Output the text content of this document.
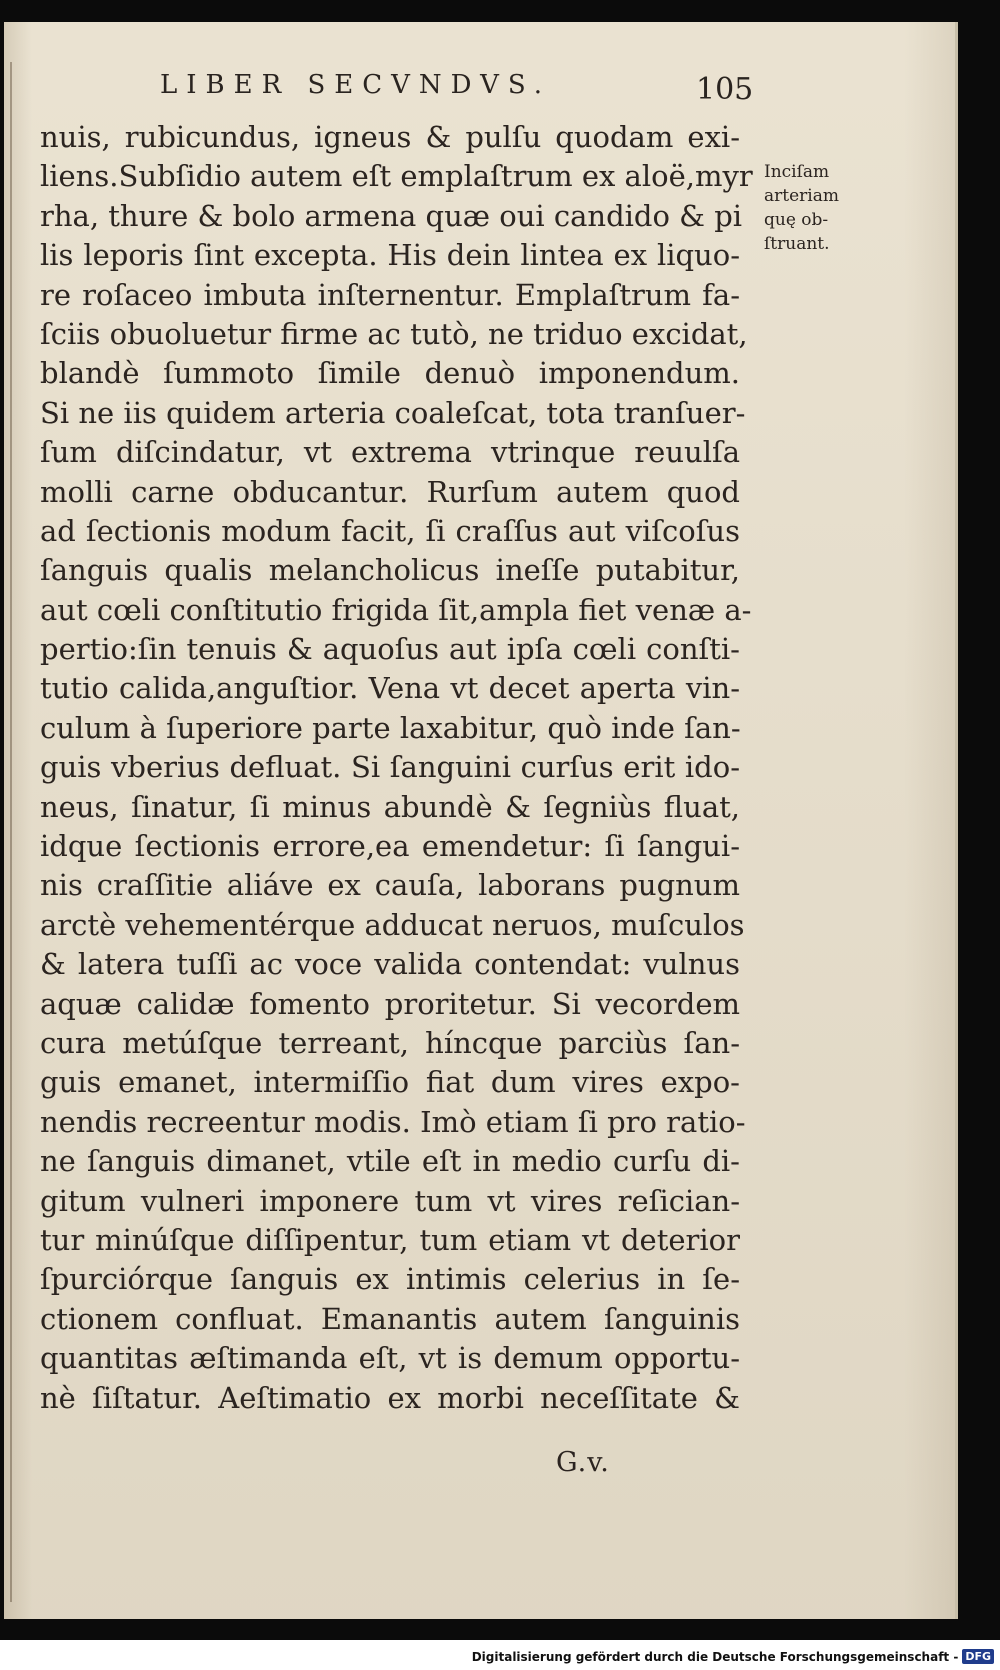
LIBER SECVNDVS.	105
nuis, rubicundus, igneus & pulſu quodam exi-
liens.Subſidio autem eſt emplaſtrum ex aloë,myr
rha, thure & bolo armena quæ oui candido & pi
lis leporis ſint excepta. His dein lintea ex liquo-
re roſaceo imbuta inſternentur. Emplaſtrum fa-
ſciis obuoluetur firme ac tutò, ne triduo excidat,
blandè ſummoto ſimile denuò imponendum.
Si ne iis quidem arteria coaleſcat, tota tranſuer-
ſum diſcindatur, vt extrema vtrinque reuulſa
molli carne obducantur. Rurſum autem quod
ad ſectionis modum facit, ſi craſſus aut viſcoſus
ſanguis qualis melancholicus ineſſe putabitur,
aut cœli conſtitutio frigida ſit,ampla fiet venæ a-
pertio:ſin tenuis & aquoſus aut ipſa cœli conſti-
tutio calida,anguſtior. Vena vt decet aperta vin-
culum à ſuperiore parte laxabitur, quò inde ſan-
guis vberius defluat. Si ſanguini curſus erit ido-
neus, ſinatur, ſi minus abundè & ſegniùs fluat,
idque ſectionis errore,ea emendetur: ſi ſangui-
nis craſſitie aliáve ex cauſa, laborans pugnum
arctè vehementérque adducat neruos, muſculos
& latera tuſſi ac voce valida contendat: vulnus
aquæ calidæ fomento proritetur. Si vecordem
cura metúſque terreant, híncque parciùs ſan-
guis emanet, intermiſſio fiat dum vires expo-
nendis recreentur modis. Imò etiam ſi pro ratio-
ne ſanguis dimanet, vtile eſt in medio curſu di-
gitum vulneri imponere tum vt vires reſician-
tur minúſque diſſipentur, tum etiam vt deterior
ſpurciórque ſanguis ex intimis celerius in ſe-
ctionem confluat. Emanantis autem ſanguinis
quantitas æſtimanda eſt, vt is demum opportu-
nè ſiſtatur. Aeſtimatio ex morbi neceſſitate &
Inciſam
arteriam
quę ob-
ſtruant.
G.v.
Digitalisierung gefördert durch die Deutsche Forschungsgemeinschaft - DFG
